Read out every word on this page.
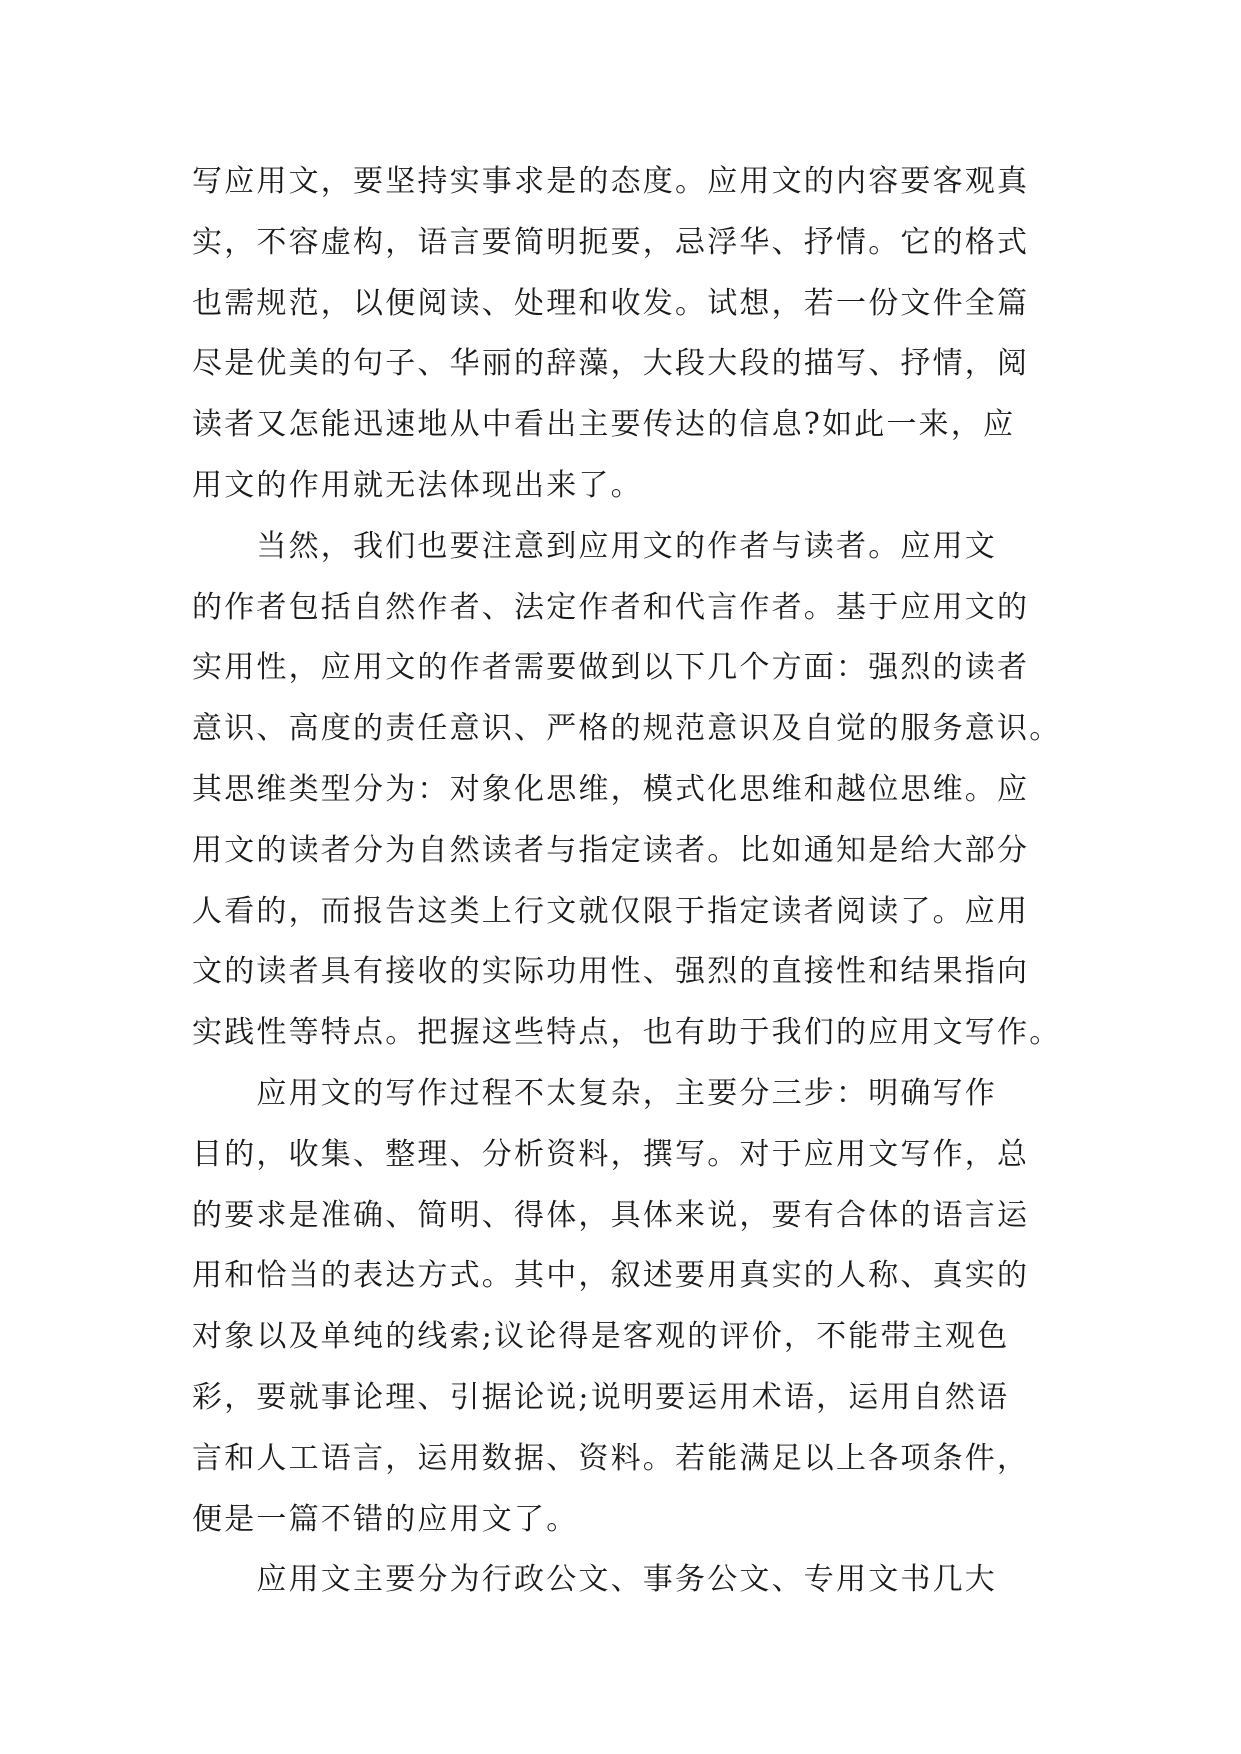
写应用文，要坚持实事求是的态度。应用文的内容要客观真
实，不容虚构，语言要简明扼要，忌浮华、抒情。它的格式
也需规范，以便阅读、处理和收发。试想，若一份文件全篇
尽是优美的句子、华丽的辞藻，大段大段的描写、抒情，阅
读者又怎能迅速地从中看出主要传达的信息?如此一来，应
用文的作用就无法体现出来了。
　　当然，我们也要注意到应用文的作者与读者。应用文
的作者包括自然作者、法定作者和代言作者。基于应用文的
实用性，应用文的作者需要做到以下几个方面：强烈的读者
意识、高度的责任意识、严格的规范意识及自觉的服务意识。
其思维类型分为：对象化思维，模式化思维和越位思维。应
用文的读者分为自然读者与指定读者。比如通知是给大部分
人看的，而报告这类上行文就仅限于指定读者阅读了。应用
文的读者具有接收的实际功用性、强烈的直接性和结果指向
实践性等特点。把握这些特点，也有助于我们的应用文写作。
　　应用文的写作过程不太复杂，主要分三步：明确写作
目的，收集、整理、分析资料，撰写。对于应用文写作，总
的要求是准确、简明、得体，具体来说，要有合体的语言运
用和恰当的表达方式。其中，叙述要用真实的人称、真实的
对象以及单纯的线索;议论得是客观的评价，不能带主观色
彩，要就事论理、引据论说;说明要运用术语，运用自然语
言和人工语言，运用数据、资料。若能满足以上各项条件，
便是一篇不错的应用文了。
　　应用文主要分为行政公文、事务公文、专用文书几大
